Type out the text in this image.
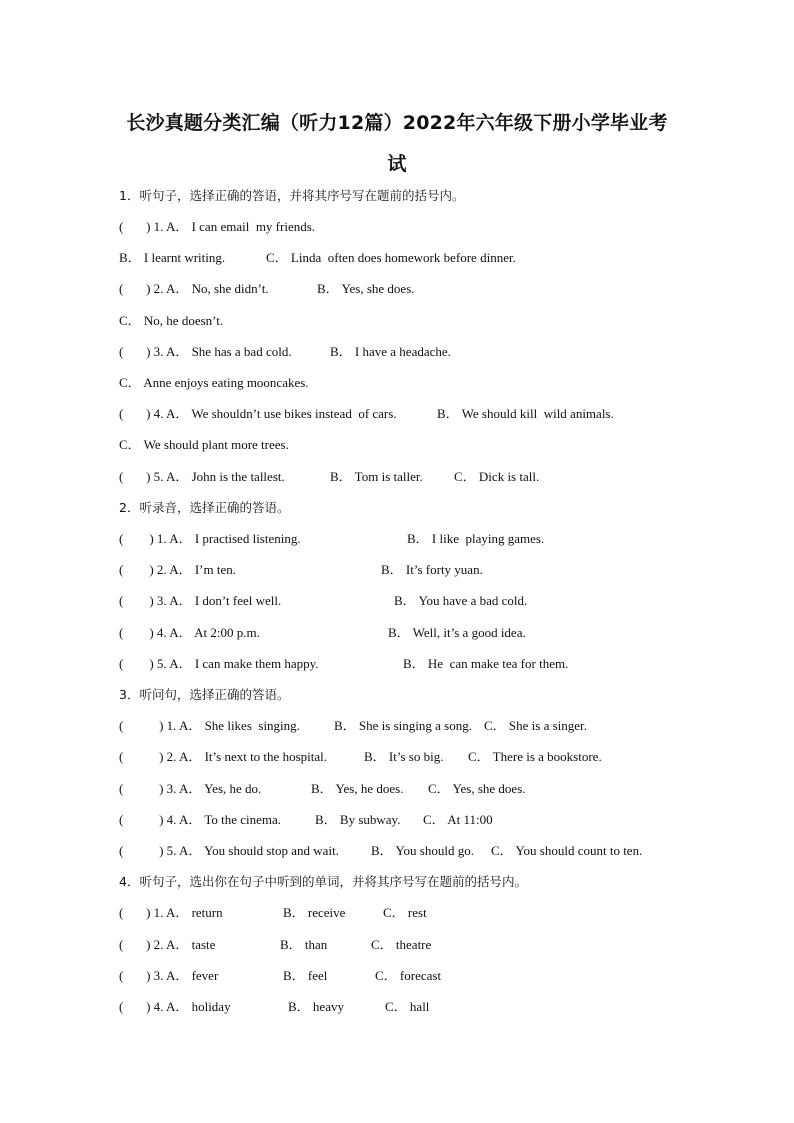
长沙真题分类汇编（听力12篇）2022年六年级下册小学毕业考
试
1．听句子，选择正确的答语，并将其序号写在题前的括号内。

(       ) 1. A． I can email  my friends.

B． I learnt writing.

	C． Linda  often does homework before dinner.

(       ) 2. A． No, she didn’t.

	B． Yes, she does.

C． No, he doesn’t.

(       ) 3. A． She has a bad cold.

	B． I have a headache.

C． Anne enjoys eating mooncakes.

(       ) 4. A． We shouldn’t use bikes instead  of cars.

	B． We should kill  wild animals.

C． We should plant more trees.

(       ) 5. A． John is the tallest.

	B． Tom is taller.

C． Dick is tall.

2．听录音，选择正确的答语。

(        ) 1. A． I practised listening.

	B． I like  playing games.

(        ) 2. A． I’m ten.

	B． It’s forty yuan.

(        ) 3. A． I don’t feel well.

	B． You have a bad cold.

(        ) 4. A． At 2:00 p.m.

	B． Well, it’s a good idea.

(        ) 5. A． I can make them happy.

	B． He  can make tea for them.

3．听问句，选择正确的答语。

(           ) 1. A． She likes  singing.

	B． She is singing a song.

C． She is a singer.

(           ) 2. A． It’s next to the hospital.

	B． It’s so big.

C． There is a bookstore.

(           ) 3. A． Yes, he do.

	B． Yes, he does.

C． Yes, she does.

(           ) 4. A． To the cinema.

	B． By subway.

C． At 11:00

(           ) 5. A． You should stop and wait.

B． You should go.

C． You should count to ten.

4．听句子，选出你在句子中听到的单词，并将其序号写在题前的括号内。

(       ) 1. A． return

	B． receive

	C． rest

(       ) 2. A． taste

	B． than

	C． theatre

(       ) 3. A． fever

	B． feel

	C． forecast

(       ) 4. A． holiday

	B． heavy

	C． hall
